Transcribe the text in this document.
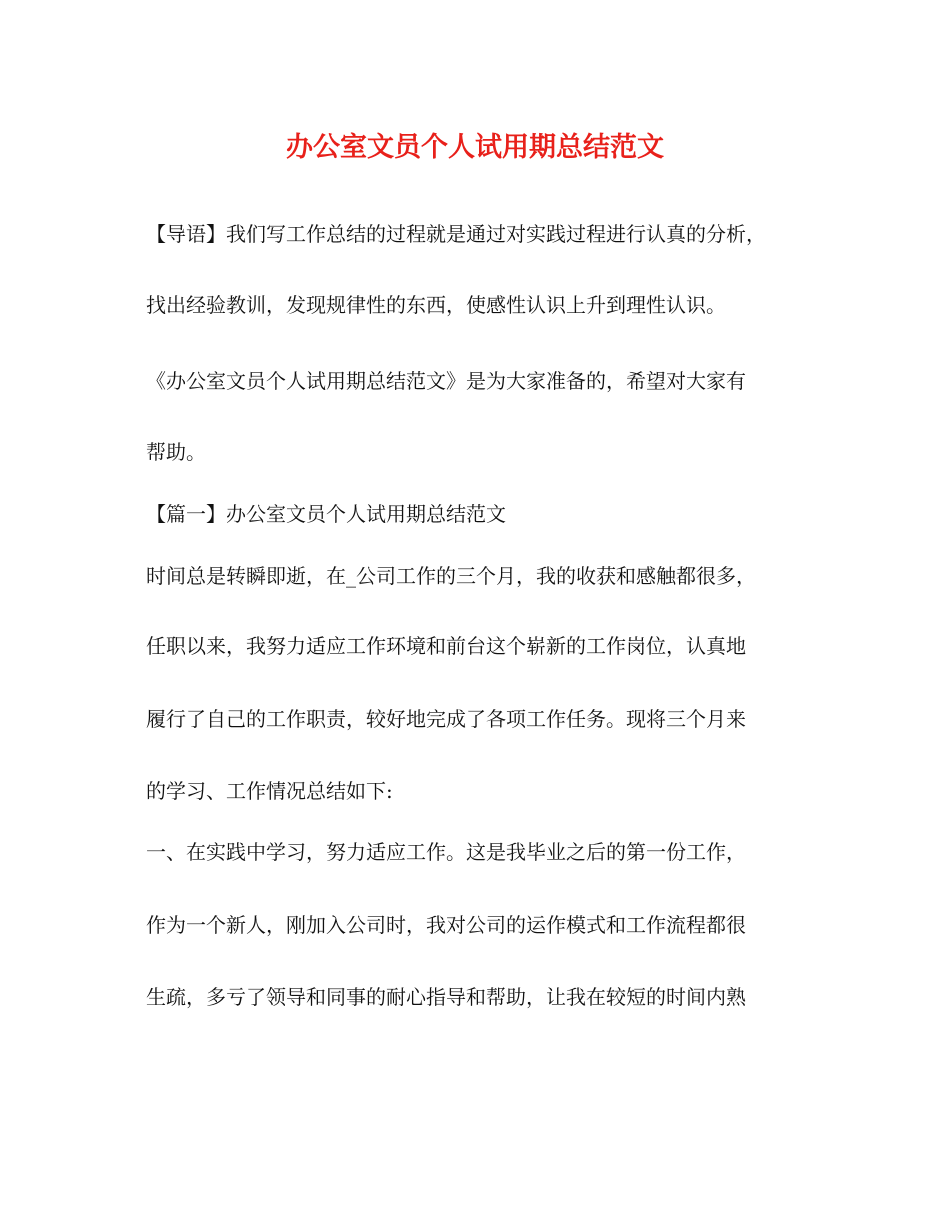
办公室文员个人试用期总结范文
【导语】我们写工作总结的过程就是通过对实践过程进行认真的分析，
找出经验教训，发现规律性的东西，使感性认识上升到理性认识。
《办公室文员个人试用期总结范文》是为大家准备的，希望对大家有
帮助。
【篇一】办公室文员个人试用期总结范文
时间总是转瞬即逝，在_公司工作的三个月，我的收获和感触都很多，
任职以来，我努力适应工作环境和前台这个崭新的工作岗位，认真地
履行了自己的工作职责，较好地完成了各项工作任务。现将三个月来
的学习、工作情况总结如下:
一、在实践中学习，努力适应工作。这是我毕业之后的第一份工作，
作为一个新人，刚加入公司时，我对公司的运作模式和工作流程都很
生疏，多亏了领导和同事的耐心指导和帮助，让我在较短的时间内熟
